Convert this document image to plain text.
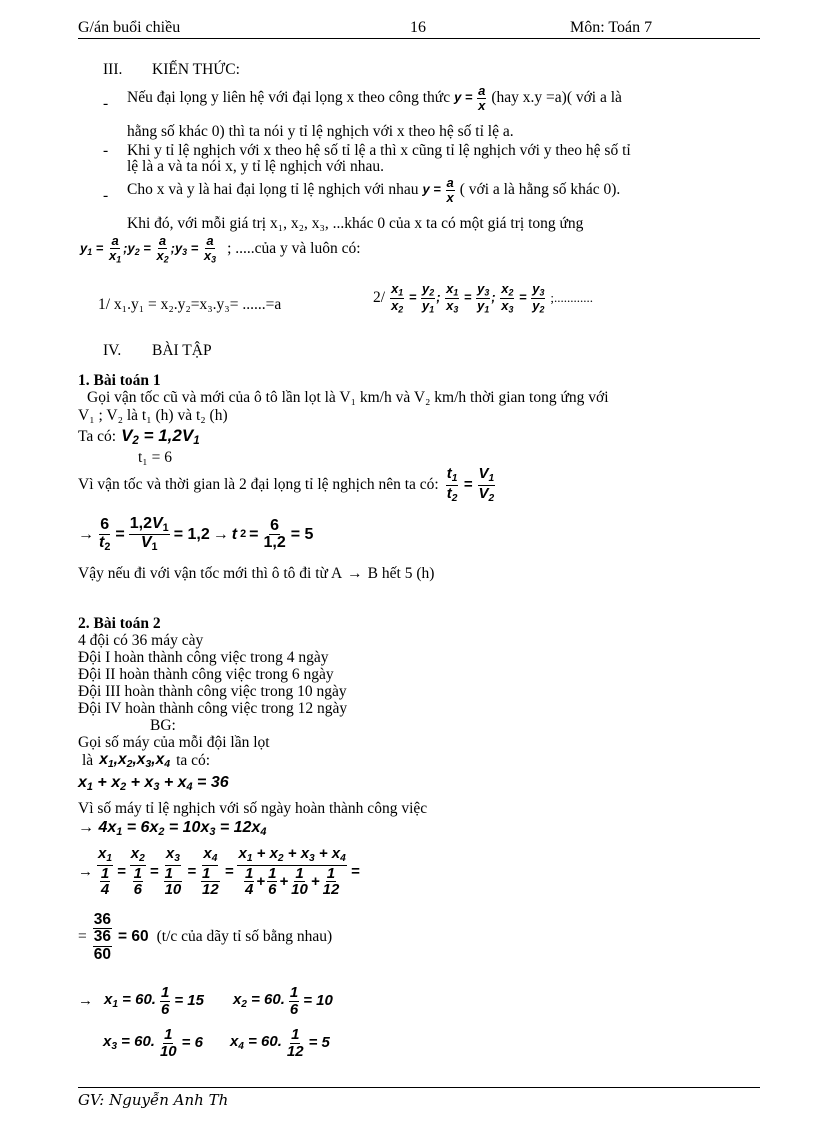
G/án buổi chiều	16	Môn: Toán 7
III. KIẾN THỨC:
- Nếu đại lọng y liên hệ với đại lọng x theo công thức $y = \frac{a}{x} (hay$ x.y =a)( với a là
hằng số khác 0) thì ta nói y tỉ lệ nghịch với x theo hệ số tỉ lệ a.
- Khi y tỉ lệ nghịch với x theo hệ số tỉ lệ a thì x cũng tỉ lệ nghịch với y theo hệ số tỉ
lệ là a và ta nói x, y tỉ lệ nghịch với nhau.
- Cho x và y là hai đại lọng tỉ lệ nghịch với nhau $y = \frac{a}{x}$ ( với a là hằng số khác 0).
Khi đó, với mỗi giá trị x₁, x₂, x₃, ...khác 0 của x ta có một giá trị tong ứng
$y_1 = \frac{a}{x_1}$ $;y_2 = \frac{a}{x_2}$ $;y_3 = \frac{a}{x_3}$ ; .....của y và luôn có:
1/ x₁.y₁ = x₂.y₂=x₃.y₃= ......=a	$2/ \frac{x_1}{x_2} = \frac{y_2}{y_1}$ ; $\frac{x_1}{x_3} = \frac{y_3}{y_1}$ ; $\frac{x_2}{x_3} = \frac{y_3}{y_2}$ ;............
IV. BÀI TẬP
1. Bài toán 1
Gọi vận tốc cũ và mới của ô tô lần lọt là V₁ km/h và V₂ km/h thời gian tong ứng với
V₁ ; V₂ là t₁ (h) và t₂ (h)
Ta có: $V_2 = 1,2V_1$
t₁ = 6
Vì vận tốc và thời gian là 2 đại lọng tỉ lệ nghịch nên ta có: $\frac{t_1}{t_2} = \frac{V_1}{V_2}$
→ $\frac{6}{t_2} = \frac{1,2V_1}{V_1} = 1,2 \to t$ $2 = \frac{6}{1,2} = 5$
Vậy nếu đi với vận tốc mới thì ô tô đi từ A → B hết 5 (h)
2. Bài toán 2
4 đội có 36 máy cày
Đội I hoàn thành công việc trong 4 ngày
Đội II hoàn thành công việc trong 6 ngày
Đội III hoàn thành công việc trong 10 ngày
Đội IV hoàn thành công việc trong 12 ngày
BG:
Gọi số máy của mỗi đội lần lọt
là $x_1,x_2,x_3,x_4$ ta có:
$x_1 + x_2 + x_3 + x_4 = 36$
Vì số máy tỉ lệ nghịch với số ngày hoàn thành công việc
→ $4x_1 = 6x_2 = 10x_3 = 12x_4$
→ $\frac{x_1}{\frac{1}{4}} = \frac{x_2}{\frac{1}{6}} = \frac{x_3}{\frac{1}{10}} = \frac{x_4}{\frac{1}{12}} = \frac{x_1 + x_2 + x_3 + x_4}{\frac{1}{4} + \frac{1}{6} + \frac{1}{10} + \frac{1}{12}}$ =
= $\frac{36}{\frac{36}{60}} = 60$ (t/c của dãy tỉ số bằng nhau)
→ $x_1 = 60$. $\frac{1}{6} = 15$ $x_2 = 60$. $\frac{1}{6} = 10$
$x_3 = 60$. $\frac{1}{10} = 6$ $x_4 = 60$. $\frac{1}{12} = 5$
GV: Nguyễn Anh Th
